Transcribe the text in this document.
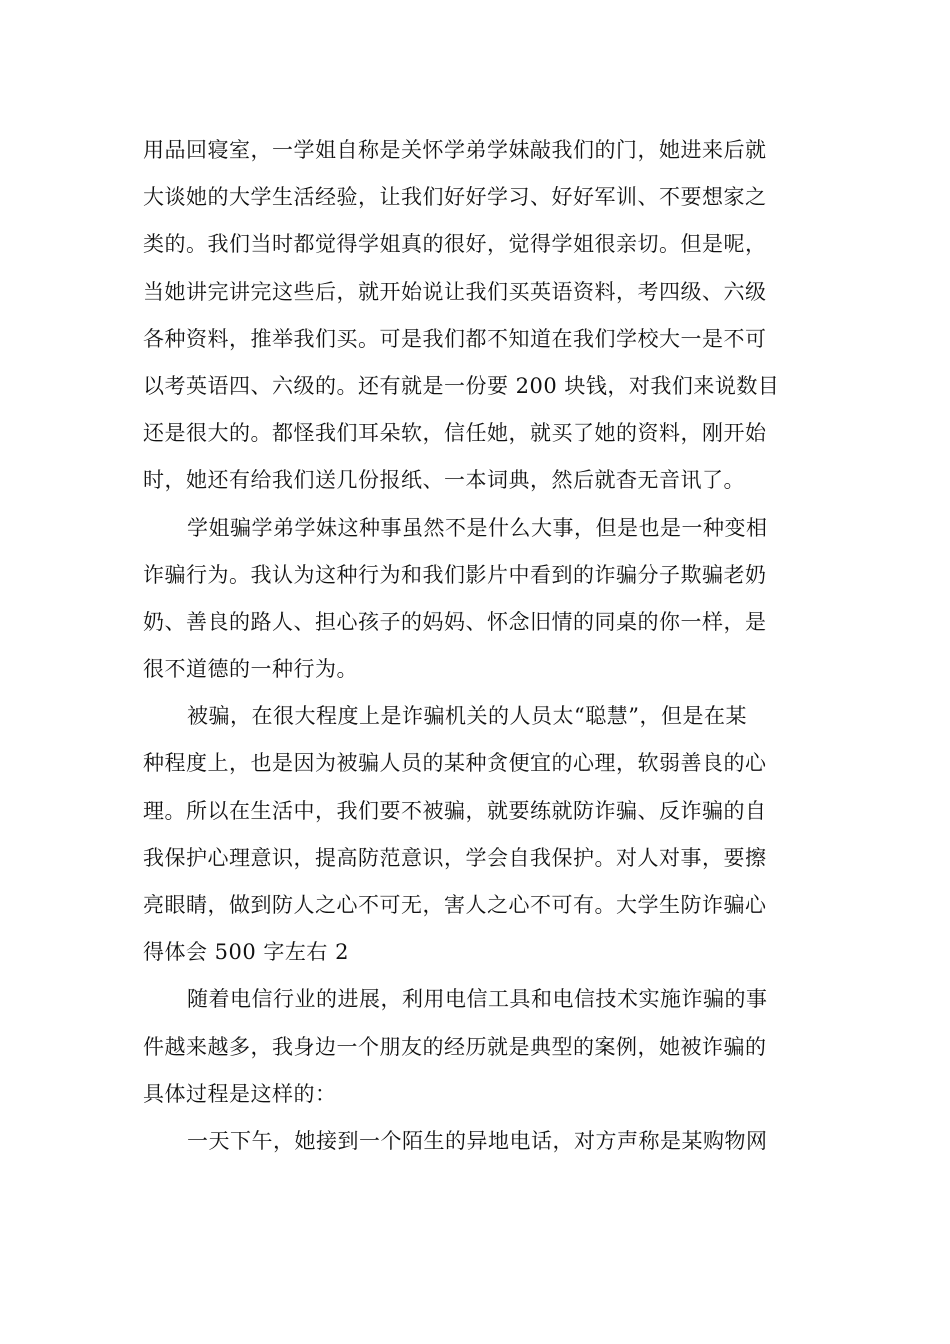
用品回寝室，一学姐自称是关怀学弟学妹敲我们的门，她进来后就
大谈她的大学生活经验，让我们好好学习、好好军训、不要想家之
类的。我们当时都觉得学姐真的很好，觉得学姐很亲切。但是呢，
当她讲完讲完这些后，就开始说让我们买英语资料，考四级、六级
各种资料，推举我们买。可是我们都不知道在我们学校大一是不可
以考英语四、六级的。还有就是一份要 200 块钱，对我们来说数目
还是很大的。都怪我们耳朵软，信任她，就买了她的资料，刚开始
时，她还有给我们送几份报纸、一本词典，然后就杳无音讯了。
学姐骗学弟学妹这种事虽然不是什么大事，但是也是一种变相
诈骗行为。我认为这种行为和我们影片中看到的诈骗分子欺骗老奶
奶、善良的路人、担心孩子的妈妈、怀念旧情的同桌的你一样，是
很不道德的一种行为。
被骗，在很大程度上是诈骗机关的人员太“聪慧”，但是在某
种程度上，也是因为被骗人员的某种贪便宜的心理，软弱善良的心
理。所以在生活中，我们要不被骗，就要练就防诈骗、反诈骗的自
我保护心理意识，提高防范意识，学会自我保护。对人对事，要擦
亮眼睛，做到防人之心不可无，害人之心不可有。大学生防诈骗心
得体会 500 字左右 2
随着电信行业的进展，利用电信工具和电信技术实施诈骗的事
件越来越多，我身边一个朋友的经历就是典型的案例，她被诈骗的
具体过程是这样的：
一天下午，她接到一个陌生的异地电话，对方声称是某购物网
